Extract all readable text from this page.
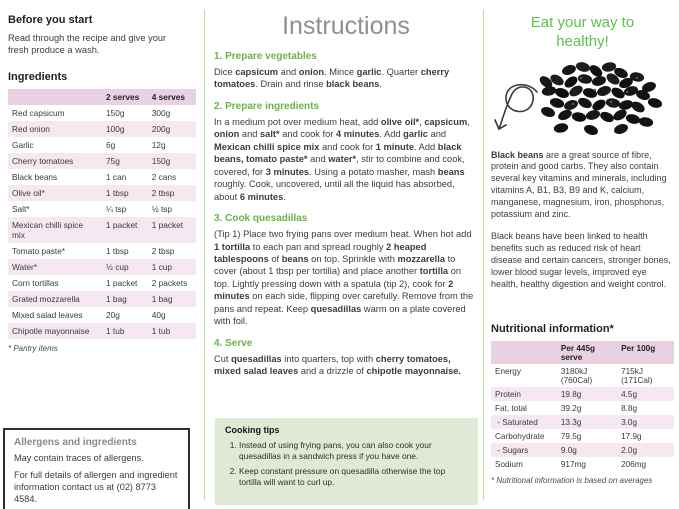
Before you start
Read through the recipe and give your fresh produce a wash.
Ingredients
	2 serves	4 serves
Red capsicum	150g	300g
Red onion	100g	200g
Garlic	6g	12g
Cherry tomatoes	75g	150g
Black beans	1 can	2 cans
Olive oil*	1 tbsp	2 tbsp
Salt*	¼ tsp	½ tsp
Mexican chilli spice mix	1 packet	1 packet
Tomato paste*	1 tbsp	2 tbsp
Water*	½ cup	1 cup
Corn tortillas	1 packet	2 packets
Grated mozzarella	1 bag	1 bag
Mixed salad leaves	20g	40g
Chipotle mayonnaise	1 tub	1 tub
* Pantry items
Allergens and ingredients
May contain traces of allergens.
For full details of allergen and ingredient information contact us at (02) 8773 4584.
Instructions
1. Prepare vegetables
Dice capsicum and onion. Mince garlic. Quarter cherry tomatoes. Drain and rinse black beans.
2. Prepare ingredients
In a medium pot over medium heat, add olive oil*, capsicum, onion and salt* and cook for 4 minutes. Add garlic and Mexican chilli spice mix and cook for 1 minute. Add black beans, tomato paste* and water*, stir to combine and cook, covered, for 3 minutes. Using a potato masher, mash beans roughly. Cook, uncovered, until all the liquid has absorbed, about 6 minutes.
3. Cook quesadillas
(Tip 1) Place two frying pans over medium heat. When hot add 1 tortilla to each pan and spread roughly 2 heaped tablespoons of beans on top. Sprinkle with mozzarella to cover (about 1 tbsp per tortilla) and place another tortilla on top. Lightly pressing down with a spatula (tip 2), cook for 2 minutes on each side, flipping over carefully. Remove from the pans and repeat. Keep quesadillas warm on a plate covered with foil.
4. Serve
Cut quesadillas into quarters, top with cherry tomatoes, mixed salad leaves and a drizzle of chipotle mayonnaise.
Cooking tips
1. Instead of using frying pans, you can also cook your quesadillas in a sandwich press if you have one.
2. Keep constant pressure on quesadilla otherwise the top tortilla will want to curl up.
Eat your way to healthy!
Black beans are a great source of fibre, protein and good carbs. They also contain several key vitamins and minerals, including vitamins A, B1, B3, B9 and K, calcium, manganese, magnesium, iron, phosphorus, potassium and zinc.
Black beans have been linked to health benefits such as reduced risk of heart disease and certain cancers, stronger bones, lower blood sugar levels, improved eye health, healthy digestion and weight control.
Nutritional information*
	Per 445g serve	Per 100g
Energy	3180kJ (760Cal)	715kJ (171Cal)
Protein	19.8g	4.5g
Fat, total	39.2g	8.8g
- Saturated	13.3g	3.0g
Carbohydrate	79.5g	17.9g
- Sugars	9.0g	2.0g
Sodium	917mg	206mg
* Nutritional information is based on averages
